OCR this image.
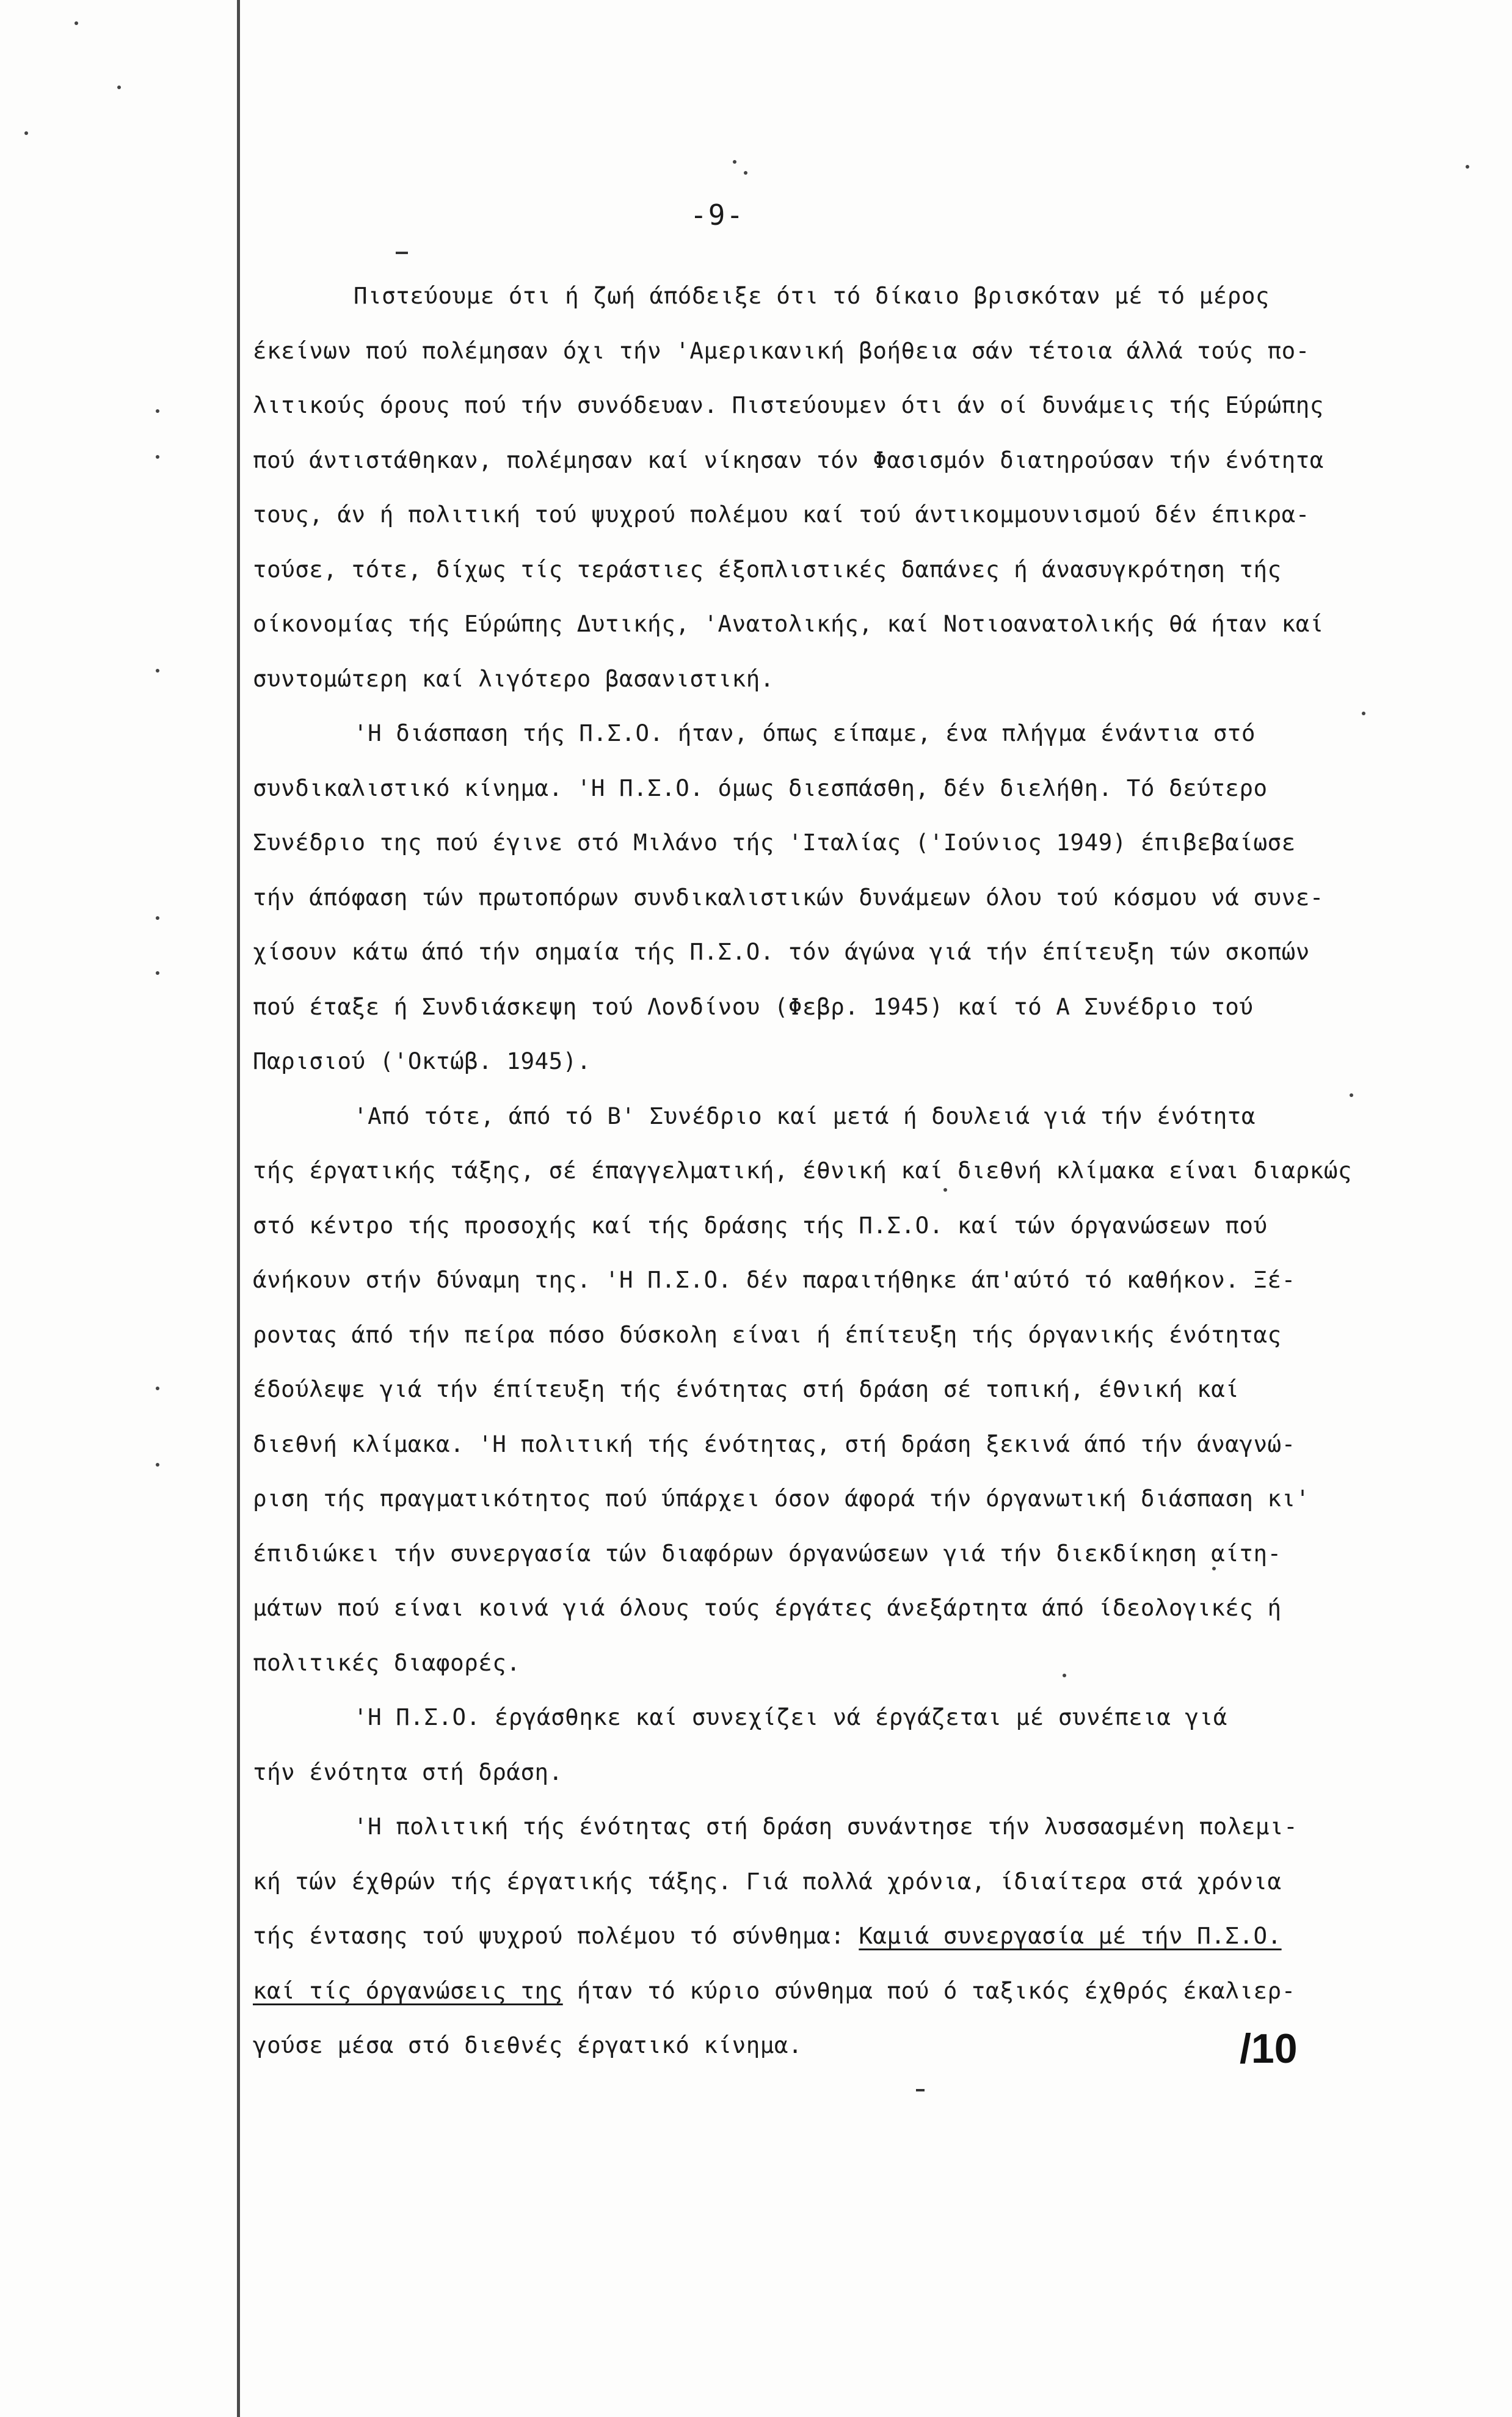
-9-
Πιστεύουμε ότι ή ζωή άπόδειξε ότι τό δίκαιο βρισκόταν μέ τό μέρος
έκείνων πού πολέμησαν όχι τήν 'Αμερικανική βοήθεια σάν τέτοια άλλά τούς πο-
λιτικούς όρους πού τήν συνόδευαν. Πιστεύουμεν ότι άν οί δυνάμεις τής Εύρώπης
πού άντιστάθηκαν, πολέμησαν καί νίκησαν τόν Φασισμόν διατηρούσαν τήν ένότητα
τους, άν ή πολιτική τού ψυχρού πολέμου καί τού άντικομμουνισμού δέν έπικρα-
τούσε, τότε, δίχως τίς τεράστιες έξοπλιστικές δαπάνες ή άνασυγκρότηση τής
οίκονομίας τής Εύρώπης Δυτικής, 'Ανατολικής, καί Νοτιοανατολικής θά ήταν καί
συντομώτερη καί λιγότερο βασανιστική.
'Η διάσπαση τής Π.Σ.Ο. ήταν, όπως είπαμε, ένα πλήγμα ένάντια στό
συνδικαλιστικό κίνημα. 'Η Π.Σ.Ο. όμως διεσπάσθη, δέν διελήθη. Τό δεύτερο
Συνέδριο της πού έγινε στό Μιλάνο τής 'Ιταλίας ('Ιούνιος 1949) έπιβεβαίωσε
τήν άπόφαση τών πρωτοπόρων συνδικαλιστικών δυνάμεων όλου τού κόσμου νά συνε-
χίσουν κάτω άπό τήν σημαία τής Π.Σ.Ο. τόν άγώνα γιά τήν έπίτευξη τών σκοπών
πού έταξε ή Συνδιάσκεψη τού Λονδίνου (Φεβρ. 1945) καί τό Α Συνέδριο τού
Παρισιού ('Οκτώβ. 1945).
'Από τότε, άπό τό Β' Συνέδριο καί μετά ή δουλειά γιά τήν ένότητα
τής έργατικής τάξης, σέ έπαγγελματική, έθνική καί διεθνή κλίμακα είναι διαρκώς
στό κέντρο τής προσοχής καί τής δράσης τής Π.Σ.Ο. καί τών όργανώσεων πού
άνήκουν στήν δύναμη της. 'Η Π.Σ.Ο. δέν παραιτήθηκε άπ'αύτό τό καθήκον. Ξέ-
ροντας άπό τήν πείρα πόσο δύσκολη είναι ή έπίτευξη τής όργανικής ένότητας
έδούλεψε γιά τήν έπίτευξη τής ένότητας στή δράση σέ τοπική, έθνική καί
διεθνή κλίμακα. 'Η πολιτική τής ένότητας, στή δράση ξεκινά άπό τήν άναγνώ-
ριση τής πραγματικότητος πού ύπάρχει όσον άφορά τήν όργανωτική διάσπαση κι'
έπιδιώκει τήν συνεργασία τών διαφόρων όργανώσεων γιά τήν διεκδίκηση αίτη-
μάτων πού είναι κοινά γιά όλους τούς έργάτες άνεξάρτητα άπό ίδεολογικές ή
πολιτικές διαφορές.
'Η Π.Σ.Ο. έργάσθηκε καί συνεχίζει νά έργάζεται μέ συνέπεια γιά
τήν ένότητα στή δράση.
'Η πολιτική τής ένότητας στή δράση συνάντησε τήν λυσσασμένη πολεμι-
κή τών έχθρών τής έργατικής τάξης. Γιά πολλά χρόνια, ίδιαίτερα στά χρόνια
τής έντασης τού ψυχρού πολέμου τό σύνθημα: Καμιά συνεργασία μέ τήν Π.Σ.Ο.
καί τίς όργανώσεις της ήταν τό κύριο σύνθημα πού ό ταξικός έχθρός έκαλιερ-
γούσε μέσα στό διεθνές έργατικό κίνημα.	/10
